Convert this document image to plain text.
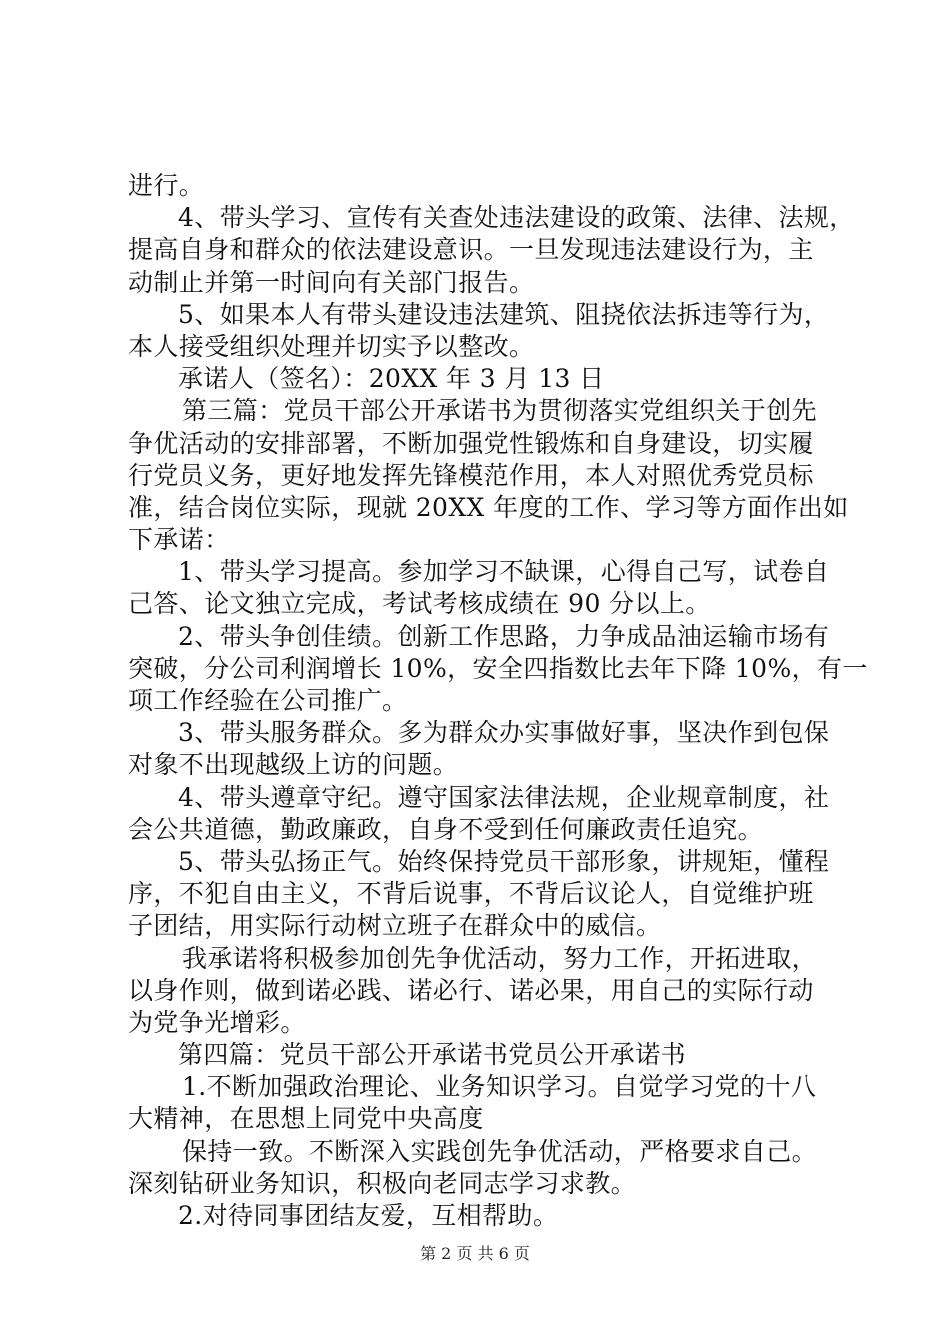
进行。
4、带头学习、宣传有关查处违法建设的政策、法律、法规，
提高自身和群众的依法建设意识。一旦发现违法建设行为，主
动制止并第一时间向有关部门报告。
5、如果本人有带头建设违法建筑、阻挠依法拆违等行为，
本人接受组织处理并切实予以整改。
承诺人（签名）：20XX 年 3 月 13 日
第三篇：党员干部公开承诺书为贯彻落实党组织关于创先
争优活动的安排部署，不断加强党性锻炼和自身建设，切实履
行党员义务，更好地发挥先锋模范作用，本人对照优秀党员标
准，结合岗位实际，现就 20XX 年度的工作、学习等方面作出如
下承诺：
1、带头学习提高。参加学习不缺课，心得自己写，试卷自
己答、论文独立完成，考试考核成绩在 90 分以上。
2、带头争创佳绩。创新工作思路，力争成品油运输市场有
突破，分公司利润增长 10%，安全四指数比去年下降 10%，有一
项工作经验在公司推广。
3、带头服务群众。多为群众办实事做好事，坚决作到包保
对象不出现越级上访的问题。
4、带头遵章守纪。遵守国家法律法规，企业规章制度，社
会公共道德，勤政廉政，自身不受到任何廉政责任追究。
5、带头弘扬正气。始终保持党员干部形象，讲规矩，懂程
序，不犯自由主义，不背后说事，不背后议论人，自觉维护班
子团结，用实际行动树立班子在群众中的威信。
我承诺将积极参加创先争优活动，努力工作，开拓进取，
以身作则，做到诺必践、诺必行、诺必果，用自己的实际行动
为党争光增彩。
第四篇：党员干部公开承诺书党员公开承诺书
1.不断加强政治理论、业务知识学习。自觉学习党的十八
大精神，在思想上同党中央高度
保持一致。不断深入实践创先争优活动，严格要求自己。
深刻钻研业务知识，积极向老同志学习求教。
2.对待同事团结友爱，互相帮助。
第 2 页 共 6 页
